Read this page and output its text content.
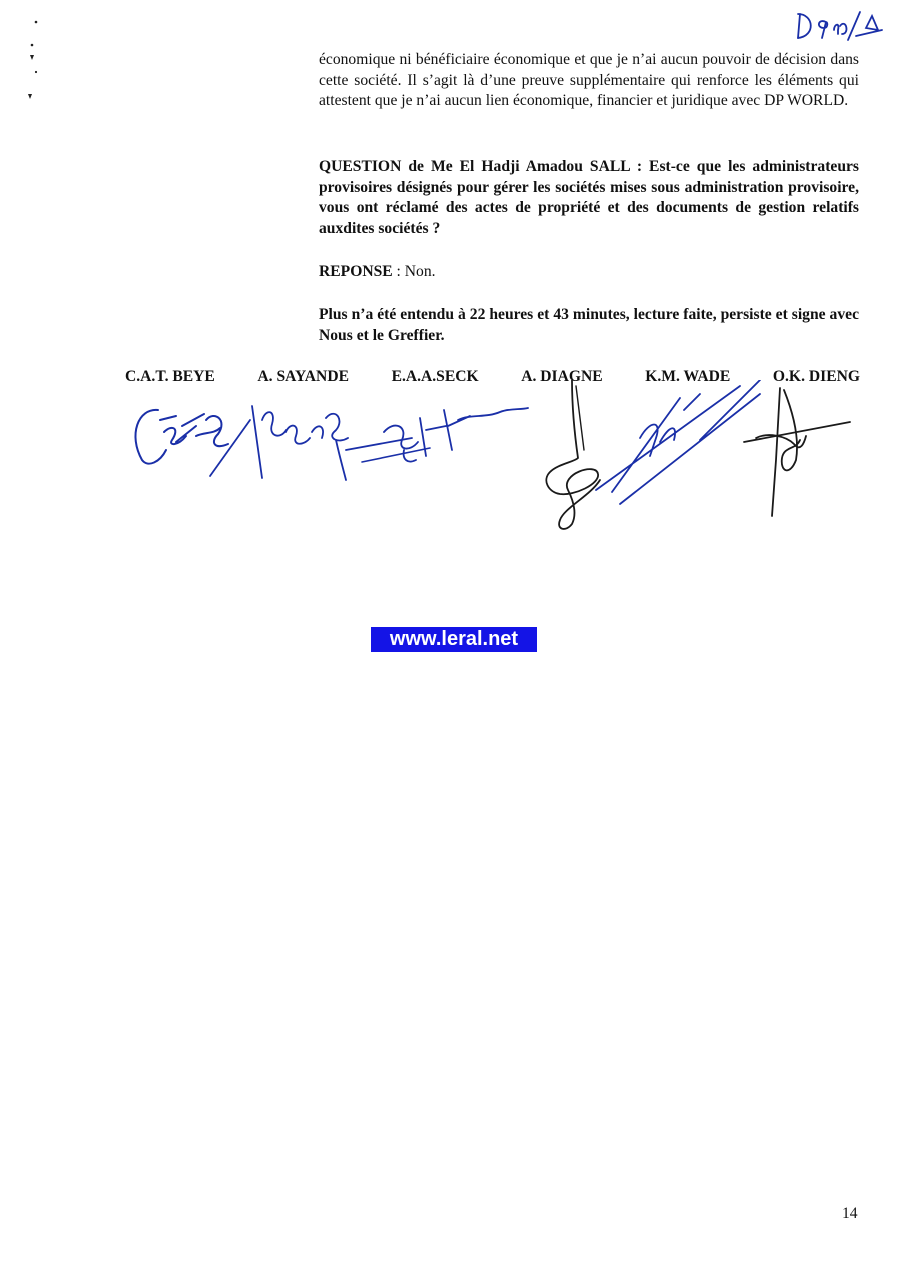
économique ni bénéficiaire économique et que je n’ai aucun pouvoir de décision dans cette société. Il s’agit là d’une preuve supplémentaire qui renforce les éléments qui attestent que je n’ai aucun lien économique, financier et juridique avec DP WORLD.

QUESTION de Me El Hadji Amadou SALL : Est-ce que les administrateurs provisoires désignés pour gérer les sociétés mises sous administration provisoire, vous ont réclamé des actes de propriété et des documents de gestion relatifs auxdites sociétés ?

REPONSE : Non.

Plus n’a été entendu à 22 heures et 43 minutes, lecture faite, persiste et signe avec Nous et le Greffier.

C.A.T. BEYE	A. SAYANDE	E.A.A.SECK	A. DIAGNE	K.M. WADE	O.K. DIENG
www.leral.net
14
